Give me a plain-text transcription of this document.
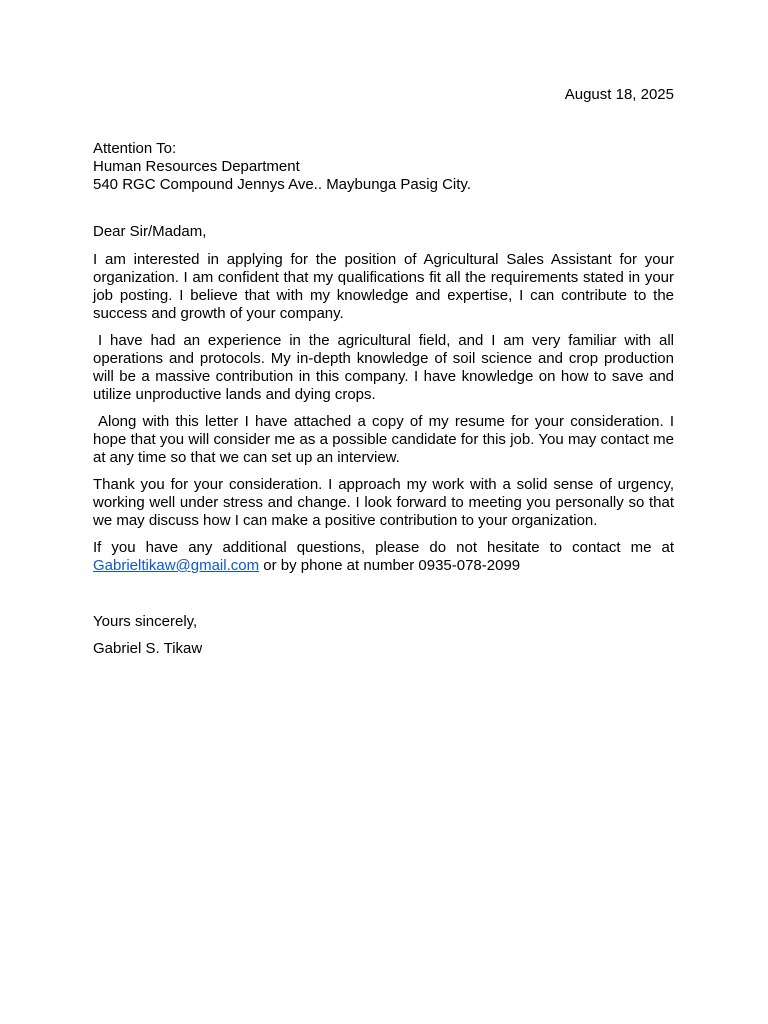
August 18, 2025
Attention To:
Human Resources Department
540 RGC Compound Jennys Ave.. Maybunga Pasig City.
Dear Sir/Madam,

I am interested in applying for the position of Agricultural Sales Assistant for your organization. I am confident that my qualifications fit all the requirements stated in your job posting. I believe that with my knowledge and expertise, I can contribute to the success and growth of your company.

I have had an experience in the agricultural field, and I am very familiar with all operations and protocols. My in-depth knowledge of soil science and crop production will be a massive contribution in this company. I have knowledge on how to save and utilize unproductive lands and dying crops.

Along with this letter I have attached a copy of my resume for your consideration. I hope that you will consider me as a possible candidate for this job. You may contact me at any time so that we can set up an interview.

Thank you for your consideration. I approach my work with a solid sense of urgency, working well under stress and change. I look forward to meeting you personally so that we may discuss how I can make a positive contribution to your organization.

If you have any additional questions, please do not hesitate to contact me at Gabrieltikaw@gmail.com or by phone at number 0935-078-2099

Yours sincerely,
Gabriel S. Tikaw
